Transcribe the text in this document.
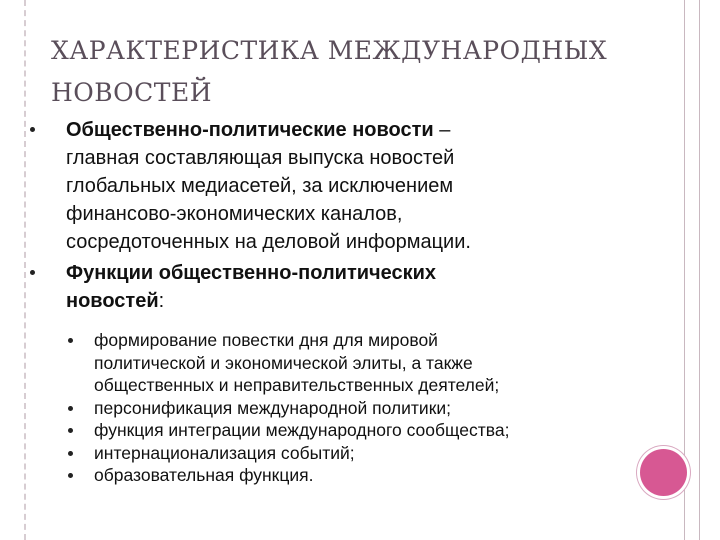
ХАРАКТЕРИСТИКА МЕЖДУНАРОДНЫХ
НОВОСТЕЙ
Общественно-политические новости –
главная составляющая выпуска новостей
глобальных медиасетей, за исключением
финансово-экономических каналов,
сосредоточенных на деловой информации.
Функции общественно-политических
новостей:
формирование повестки дня для мировой
политической и экономической элиты, а также
общественных и неправительственных деятелей;
персонификация международной политики;
функция интеграции международного сообщества;
интернационализация событий;
образовательная функция.
